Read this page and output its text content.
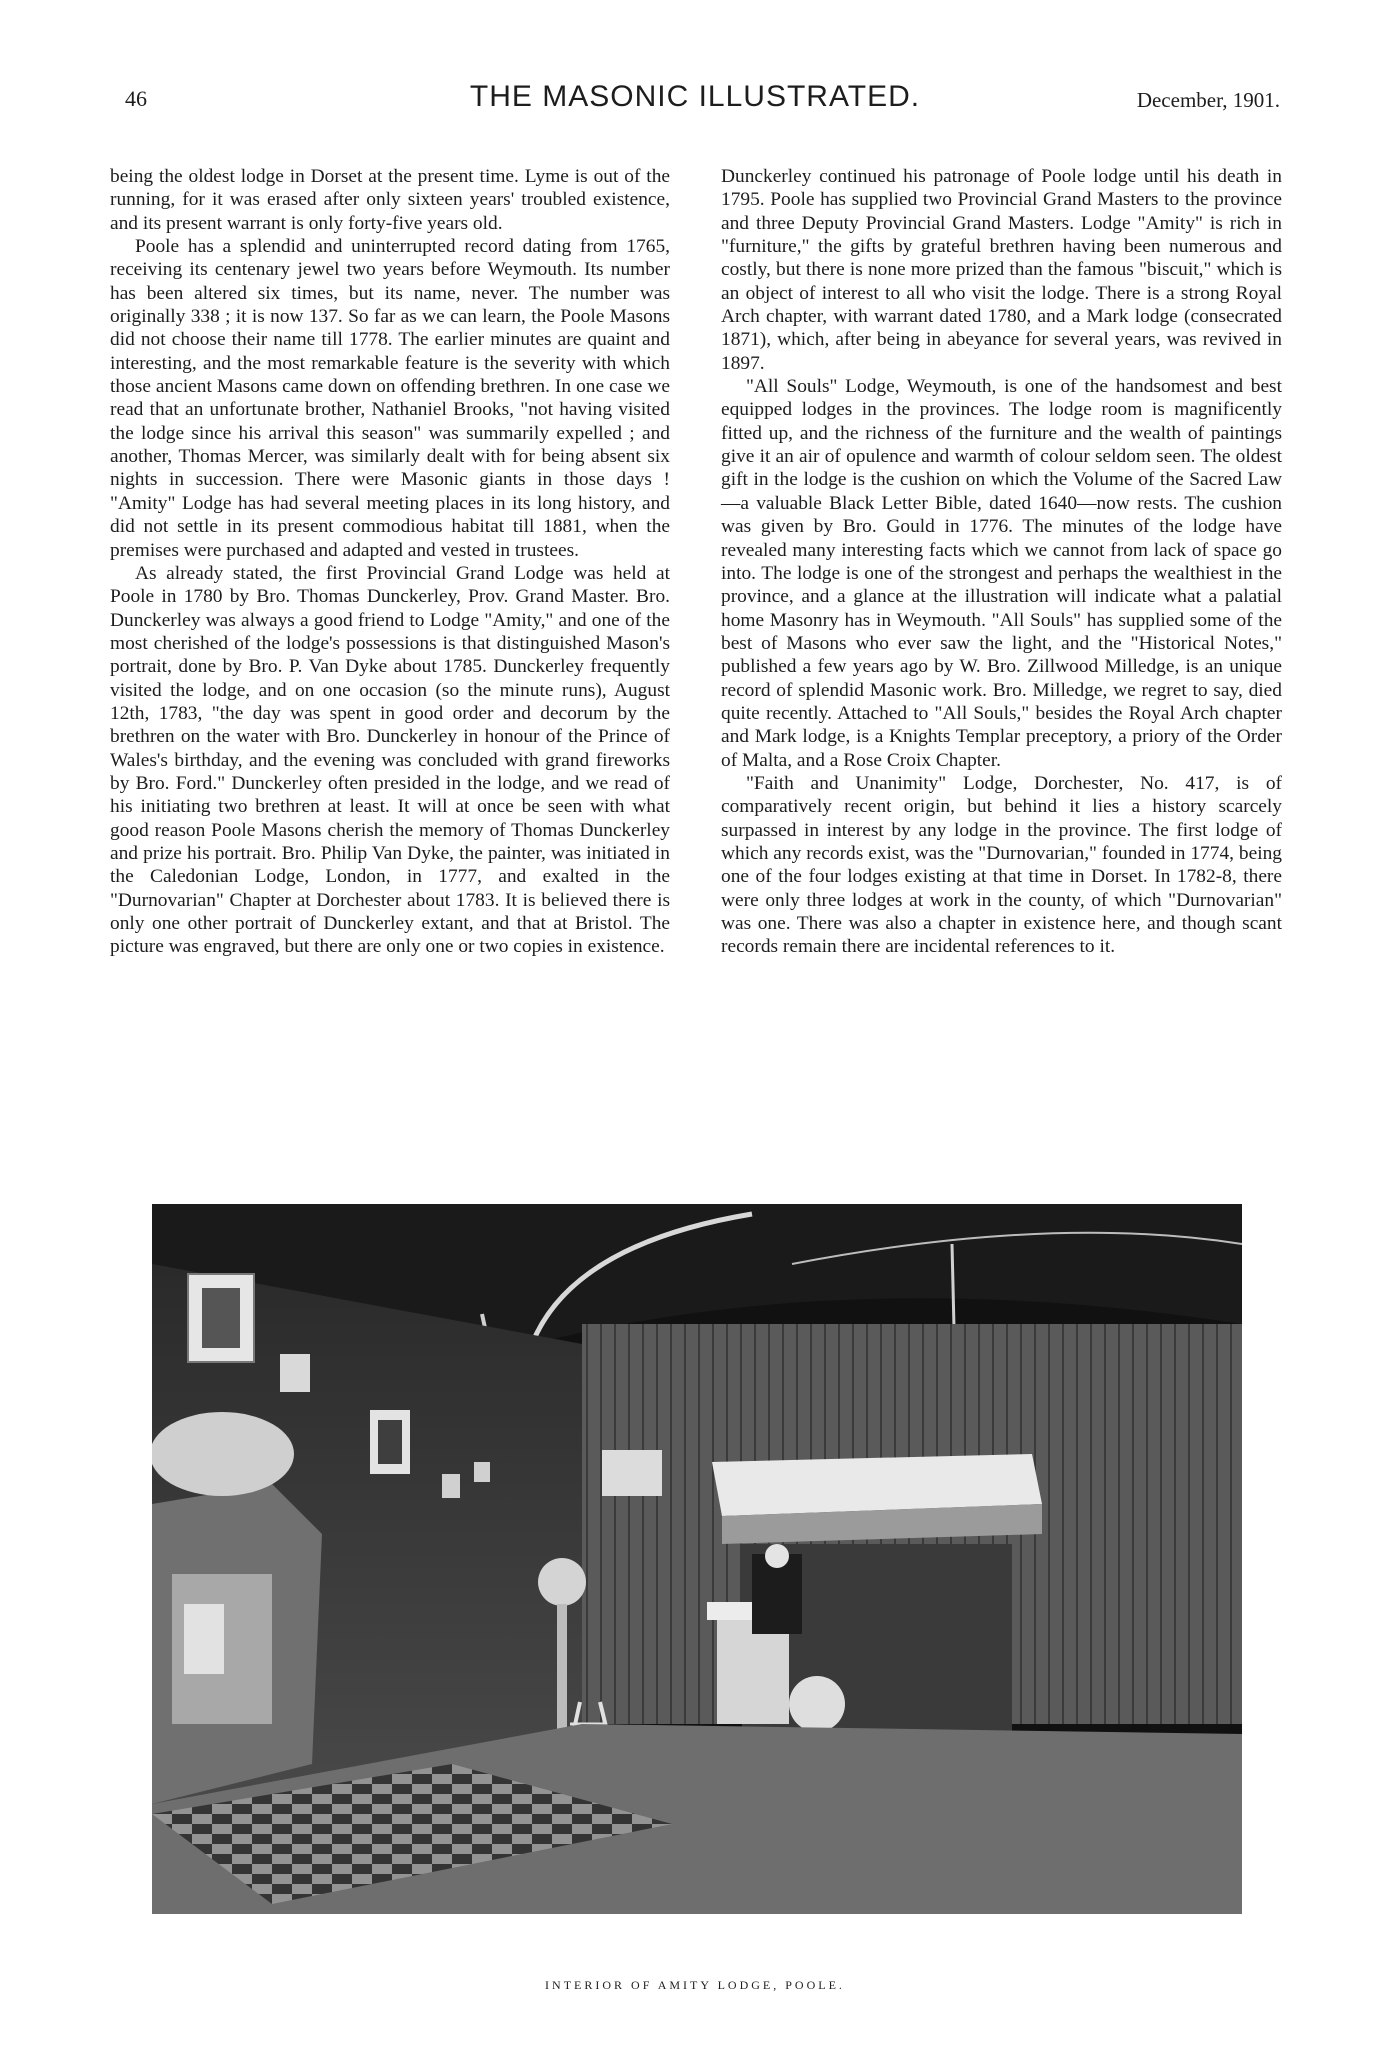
46	THE MASONIC ILLUSTRATED.	December, 1901.

being the oldest lodge in Dorset at the present time. Lyme is out of the running, for it was erased after only sixteen years' troubled existence, and its present warrant is only forty-five years old.

Poole has a splendid and uninterrupted record dating from 1765, receiving its centenary jewel two years before Weymouth. Its number has been altered six times, but its name, never. The number was originally 338 ; it is now 137. So far as we can learn, the Poole Masons did not choose their name till 1778. The earlier minutes are quaint and interesting, and the most remarkable feature is the severity with which those ancient Masons came down on offending brethren. In one case we read that an unfortunate brother, Nathaniel Brooks, "not having visited the lodge since his arrival this season" was summarily expelled ; and another, Thomas Mercer, was similarly dealt with for being absent six nights in succession. There were Masonic giants in those days ! "Amity" Lodge has had several meeting places in its long history, and did not settle in its present commodious habitat till 1881, when the premises were purchased and adapted and vested in trustees.

As already stated, the first Provincial Grand Lodge was held at Poole in 1780 by Bro. Thomas Dunckerley, Prov. Grand Master. Bro. Dunckerley was always a good friend to Lodge "Amity," and one of the most cherished of the lodge's possessions is that distinguished Mason's portrait, done by Bro. P. Van Dyke about 1785. Dunckerley frequently visited the lodge, and on one occasion (so the minute runs), August 12th, 1783, "the day was spent in good order and decorum by the brethren on the water with Bro. Dunckerley in honour of the Prince of Wales's birthday, and the evening was concluded with grand fireworks by Bro. Ford." Dunckerley often presided in the lodge, and we read of his initiating two brethren at least. It will at once be seen with what good reason Poole Masons cherish the memory of Thomas Dunckerley and prize his portrait. Bro. Philip Van Dyke, the painter, was initiated in the Caledonian Lodge, London, in 1777, and exalted in the "Durnovarian" Chapter at Dorchester about 1783. It is believed there is only one other portrait of Dunckerley extant, and that at Bristol. The picture was engraved, but there are only one or two copies in existence.

Dunckerley continued his patronage of Poole lodge until his death in 1795. Poole has supplied two Provincial Grand Masters to the province and three Deputy Provincial Grand Masters. Lodge "Amity" is rich in "furniture," the gifts by grateful brethren having been numerous and costly, but there is none more prized than the famous "biscuit," which is an object of interest to all who visit the lodge. There is a strong Royal Arch chapter, with warrant dated 1780, and a Mark lodge (consecrated 1871), which, after being in abeyance for several years, was revived in 1897.

"All Souls" Lodge, Weymouth, is one of the handsomest and best equipped lodges in the provinces. The lodge room is magnificently fitted up, and the richness of the furniture and the wealth of paintings give it an air of opulence and warmth of colour seldom seen. The oldest gift in the lodge is the cushion on which the Volume of the Sacred Law—a valuable Black Letter Bible, dated 1640—now rests. The cushion was given by Bro. Gould in 1776. The minutes of the lodge have revealed many interesting facts which we cannot from lack of space go into. The lodge is one of the strongest and perhaps the wealthiest in the province, and a glance at the illustration will indicate what a palatial home Masonry has in Weymouth. "All Souls" has supplied some of the best of Masons who ever saw the light, and the "Historical Notes," published a few years ago by W. Bro. Zillwood Milledge, is an unique record of splendid Masonic work. Bro. Milledge, we regret to say, died quite recently. Attached to "All Souls," besides the Royal Arch chapter and Mark lodge, is a Knights Templar preceptory, a priory of the Order of Malta, and a Rose Croix Chapter.

"Faith and Unanimity" Lodge, Dorchester, No. 417, is of comparatively recent origin, but behind it lies a history scarcely surpassed in interest by any lodge in the province. The first lodge of which any records exist, was the "Durnovarian," founded in 1774, being one of the four lodges existing at that time in Dorset. In 1782-8, there were only three lodges at work in the county, of which "Durnovarian" was one. There was also a chapter in existence here, and though scant records remain there are incidental references to it.

INTERIOR OF AMITY LODGE, POOLE.
